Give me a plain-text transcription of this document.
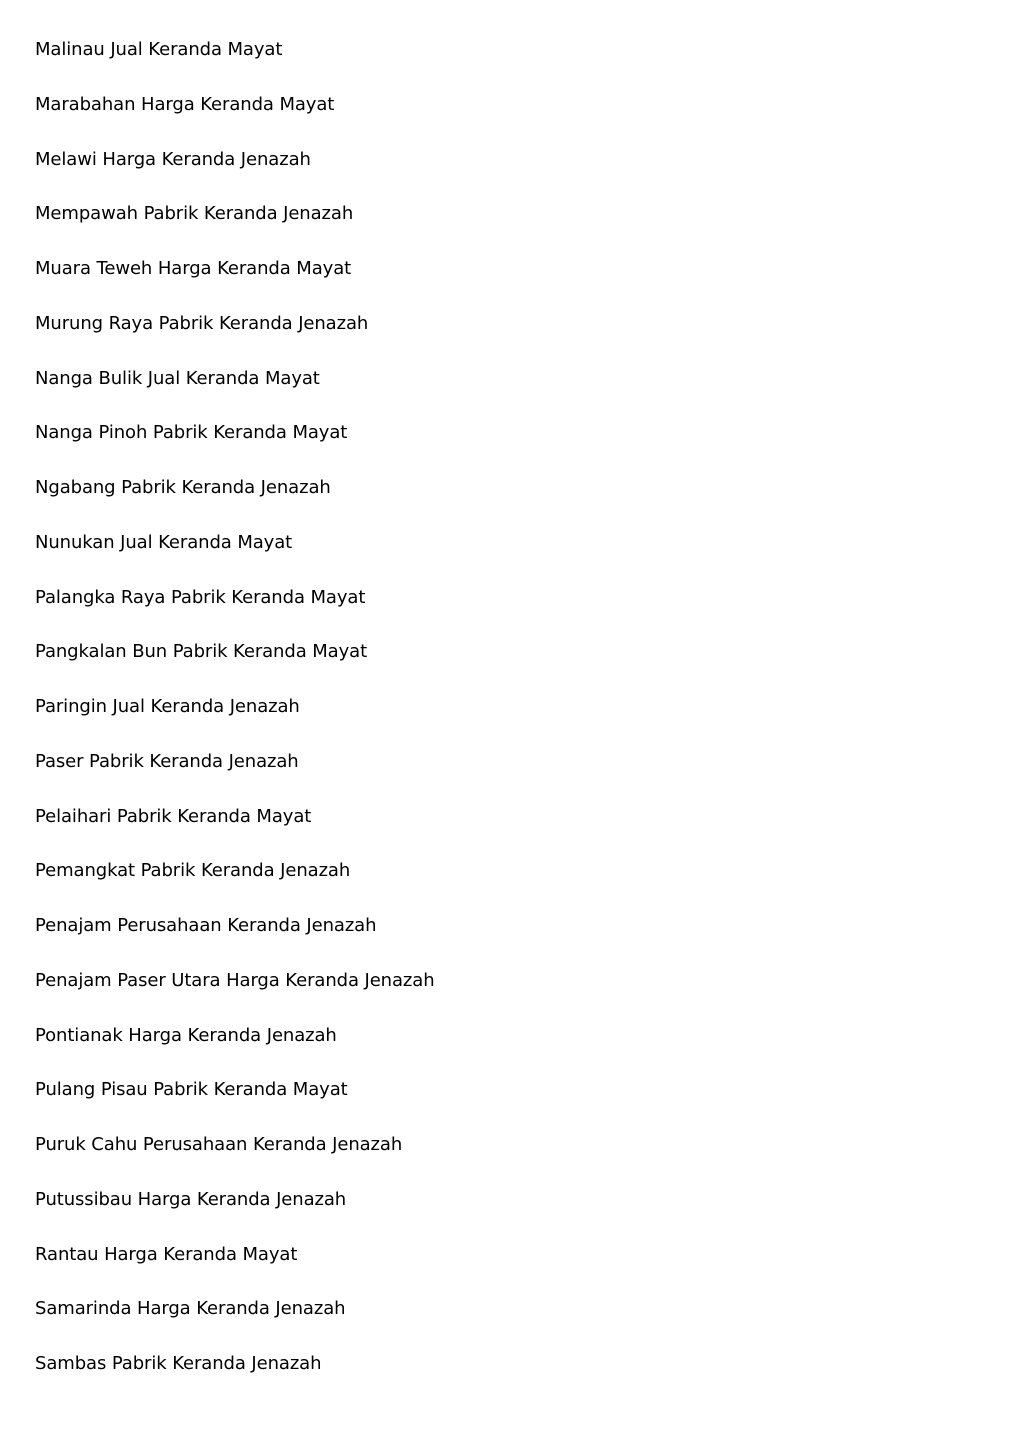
Malinau Jual Keranda Mayat
Marabahan Harga Keranda Mayat
Melawi Harga Keranda Jenazah
Mempawah Pabrik Keranda Jenazah
Muara Teweh Harga Keranda Mayat
Murung Raya Pabrik Keranda Jenazah
Nanga Bulik Jual Keranda Mayat
Nanga Pinoh Pabrik Keranda Mayat
Ngabang Pabrik Keranda Jenazah
Nunukan Jual Keranda Mayat
Palangka Raya Pabrik Keranda Mayat
Pangkalan Bun Pabrik Keranda Mayat
Paringin Jual Keranda Jenazah
Paser Pabrik Keranda Jenazah
Pelaihari Pabrik Keranda Mayat
Pemangkat Pabrik Keranda Jenazah
Penajam Perusahaan Keranda Jenazah
Penajam Paser Utara Harga Keranda Jenazah
Pontianak Harga Keranda Jenazah
Pulang Pisau Pabrik Keranda Mayat
Puruk Cahu Perusahaan Keranda Jenazah
Putussibau Harga Keranda Jenazah
Rantau Harga Keranda Mayat
Samarinda Harga Keranda Jenazah
Sambas Pabrik Keranda Jenazah
